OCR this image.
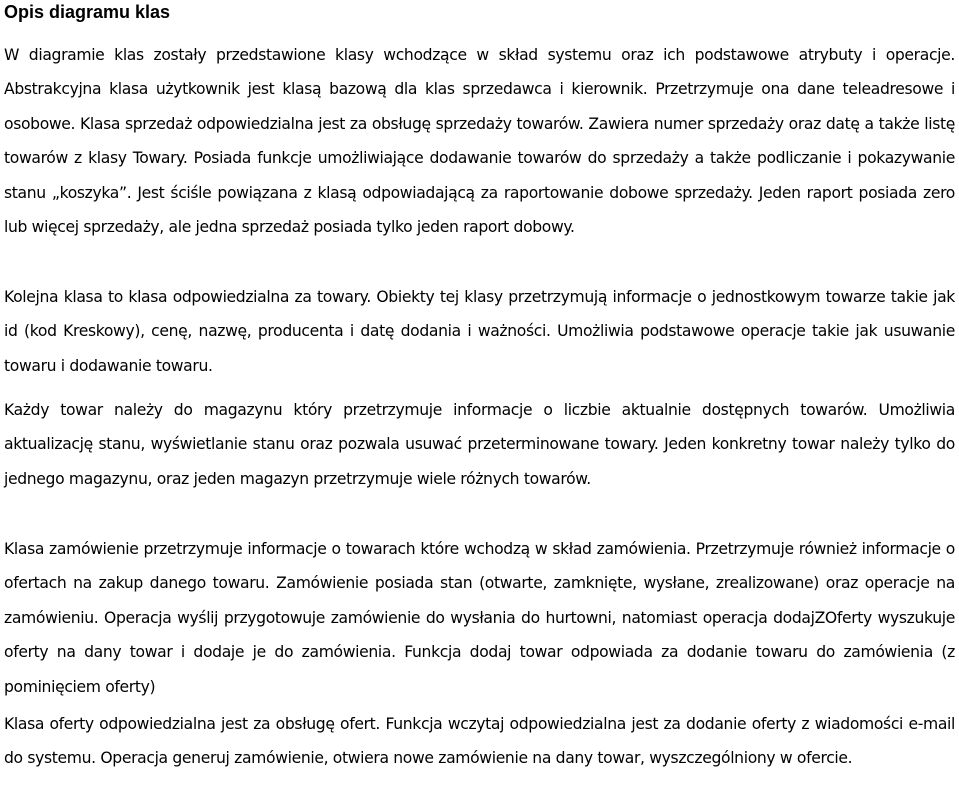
Opis diagramu klas

W diagramie klas zostały przedstawione klasy wchodzące w skład systemu oraz ich podstawowe atrybuty i operacje. Abstrakcyjna klasa użytkownik jest klasą bazową dla klas sprzedawca i kierownik. Przetrzymuje ona dane teleadresowe i osobowe. Klasa sprzedaż odpowiedzialna jest za obsługę sprzedaży towarów. Zawiera numer sprzedaży oraz datę a także listę towarów z klasy Towary. Posiada funkcje umożliwiające dodawanie towarów do sprzedaży a także podliczanie i pokazywanie stanu „koszyka”. Jest ściśle powiązana z klasą odpowiadającą za raportowanie dobowe sprzedaży. Jeden raport posiada zero lub więcej sprzedaży, ale jedna sprzedaż posiada tylko jeden raport dobowy.

Kolejna klasa to klasa odpowiedzialna za towary. Obiekty tej klasy przetrzymują informacje o jednostkowym towarze takie jak id (kod Kreskowy), cenę, nazwę, producenta i datę dodania i ważności. Umożliwia podstawowe operacje takie jak usuwanie towaru i dodawanie towaru.

Każdy towar należy do magazynu który przetrzymuje informacje o liczbie aktualnie dostępnych towarów. Umożliwia aktualizację stanu, wyświetlanie stanu oraz pozwala usuwać przeterminowane towary. Jeden konkretny towar należy tylko do jednego magazynu, oraz jeden magazyn przetrzymuje wiele różnych towarów.

Klasa zamówienie przetrzymuje informacje o towarach które wchodzą w skład zamówienia. Przetrzymuje również informacje o ofertach na zakup danego towaru. Zamówienie posiada stan (otwarte, zamknięte, wysłane, zrealizowane) oraz operacje na zamówieniu. Operacja wyślij przygotowuje zamówienie do wysłania do hurtowni, natomiast operacja dodajZOferty wyszukuje oferty na dany towar i dodaje je do zamówienia. Funkcja dodaj towar odpowiada za dodanie towaru do zamówienia (z pominięciem oferty)

Klasa oferty odpowiedzialna jest za obsługę ofert. Funkcja wczytaj odpowiedzialna jest za dodanie oferty z wiadomości e-mail do systemu. Operacja generuj zamówienie, otwiera nowe zamówienie na dany towar, wyszczególniony w ofercie.
